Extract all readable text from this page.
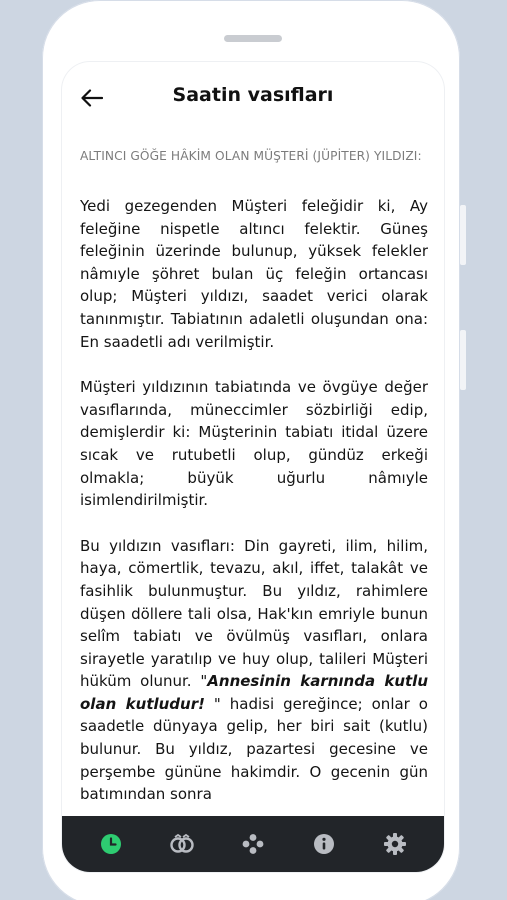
Saatin vasıfları
ALTINCI GÖĞE HÂKİM OLAN MÜŞTERİ (JÜPİTER) YILDIZI:

Yedi gezegenden Müşteri feleğidir ki, Ay feleğine nispetle altıncı felektir. Güneş feleğinin üzerinde bulunup, yüksek felekler nâmıyle şöhret bulan üç feleğin ortancası olup; Müşteri yıldızı, saadet verici olarak tanınmıştır. Tabiatının adaletli oluşundan ona: En saadetli adı verilmiştir.

Müşteri yıldızının tabiatında ve övgüye değer vasıflarında, müneccimler sözbirliği edip, demişlerdir ki: Müşterinin tabiatı itidal üzere sıcak ve rutubetli olup, gündüz erkeği olmakla; büyük uğurlu nâmıyle isimlendirilmiştir.

Bu yıldızın vasıfları: Din gayreti, ilim, hilim, haya, cömertlik, tevazu, akıl, iffet, talakât ve fasihlik bulunmuştur. Bu yıldız, rahimlere düşen döllere tali olsa, Hak'kın emriyle bunun selîm tabiatı ve övülmüş vasıfları, onlara sirayetle yaratılıp ve huy olup, talileri Müşteri hüküm olunur. "Annesinin karnında kutlu olan kutludur! " hadisi gereğince; onlar o saadetle dünyaya gelip, her biri sait (kutlu) bulunur. Bu yıldız, pazartesi gecesine ve perşembe gününe hakimdir. O gecenin gün batımından sonra
